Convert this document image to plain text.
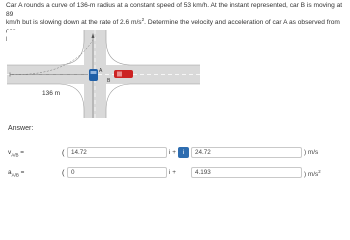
Car A rounds a curve of 136-m radius at a constant speed of 53 km/h. At the instant represented, car B is moving at 89
km/h but is slowing down at the rate of 2.6 $m/s^2$. Determine the velocity and acceleration of car A as observed from

A
B
136 m
Answer:
$v_{A/B}$ =	(	14.72	i +	i	24.72	) m/s
$a_{A/B}$ =	(	0	i +	4.193	) $m/s^2$
